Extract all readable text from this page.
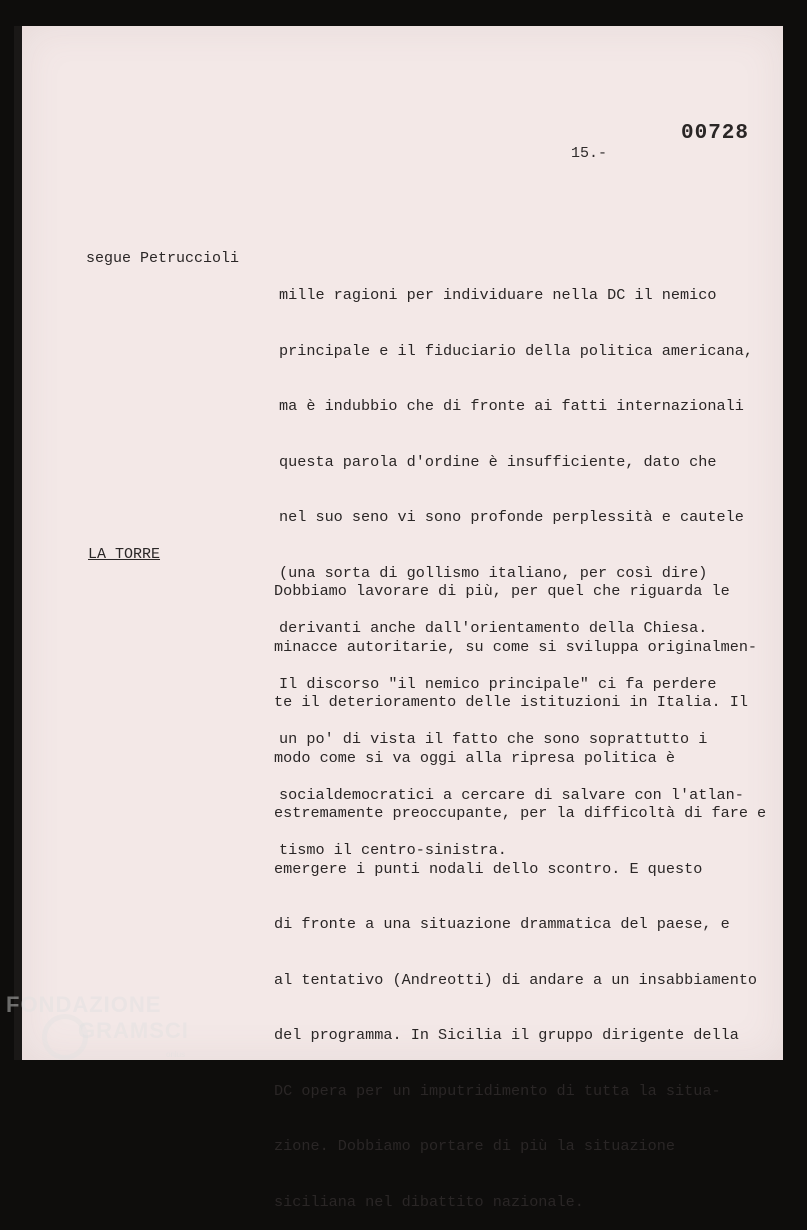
00728
15.-
segue Petruccioli

mille ragioni per individuare nella DC il nemico

principale e il fiduciario della politica americana,

ma è indubbio che di fronte ai fatti internazionali

questa parola d'ordine è insufficiente, dato che

nel suo seno vi sono profonde perplessità e cautele

(una sorta di gollismo italiano, per così dire)

derivanti anche dall'orientamento della Chiesa.

Il discorso "il nemico principale" ci fa perdere

un po' di vista il fatto che sono soprattutto i

socialdemocratici a cercare di salvare con l'atlan-

tismo il centro-sinistra.

LA TORRE

Dobbiamo lavorare di più, per quel che riguarda le

minacce autoritarie, su come si sviluppa originalmen-

te il deterioramento delle istituzioni in Italia. Il

modo come si va oggi alla ripresa politica è

estremamente preoccupante, per la difficoltà di fare e

emergere i punti nodali dello scontro. E questo

di fronte a una situazione drammatica del paese, e

al tentativo (Andreotti) di andare a un insabbiamento

del programma. In Sicilia il gruppo dirigente della

DC opera per un imputridimento di tutta la situa-

zione. Dobbiamo portare di più la situazione

siciliana nel dibattito nazionale.

FONDAZIONE
GRAMSCI
onlus
